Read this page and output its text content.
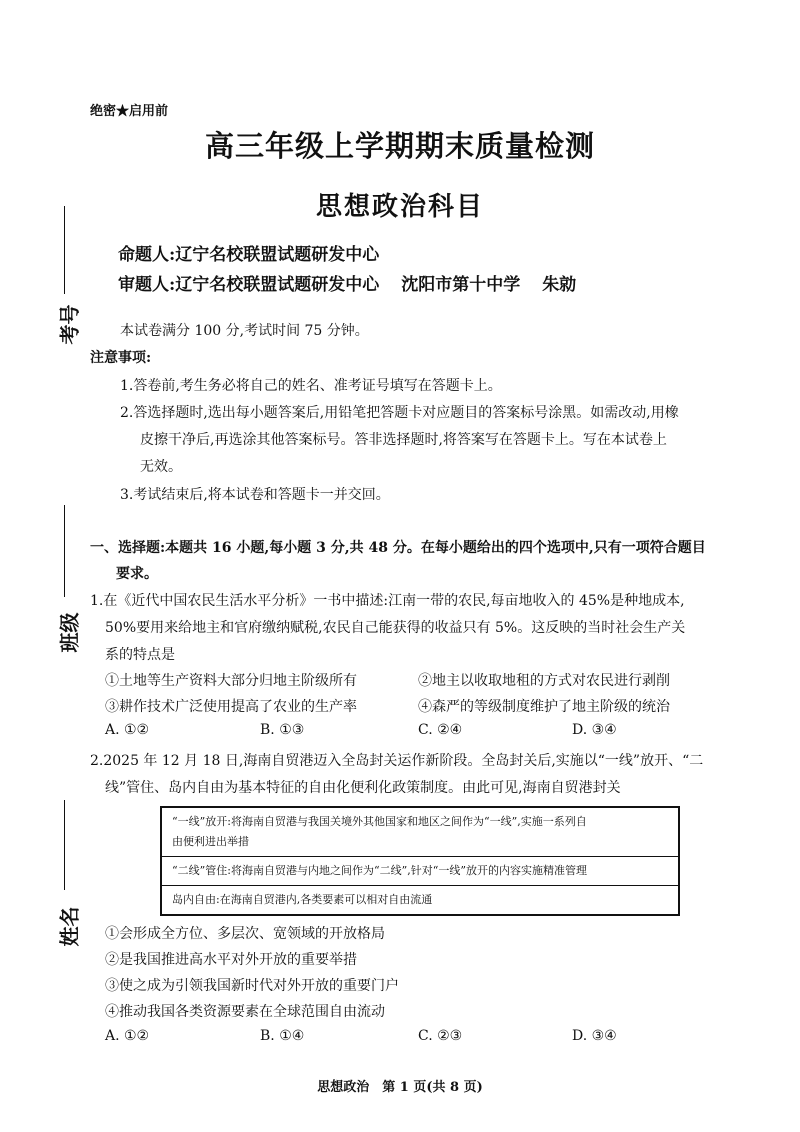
考号
班级
姓名
绝密★启用前
高三年级上学期期末质量检测
思想政治科目
命题人:辽宁名校联盟试题研发中心
审题人:辽宁名校联盟试题研发中心 沈阳市第十中学 朱勍
本试卷满分 100 分,考试时间 75 分钟。
注意事项:
1.答卷前,考生务必将自己的姓名、准考证号填写在答题卡上。
2.答选择题时,选出每小题答案后,用铅笔把答题卡对应题目的答案标号涂黑。如需改动,用橡
皮擦干净后,再选涂其他答案标号。答非选择题时,将答案写在答题卡上。写在本试卷上
无效。
3.考试结束后,将本试卷和答题卡一并交回。
一、选择题:本题共 16 小题,每小题 3 分,共 48 分。在每小题给出的四个选项中,只有一项符合题目
要求。
1.在《近代中国农民生活水平分析》一书中描述:江南一带的农民,每亩地收入的 45%是种地成本,
50%要用来给地主和官府缴纳赋税,农民自己能获得的收益只有 5%。这反映的当时社会生产关
系的特点是
①土地等生产资料大部分归地主阶级所有	②地主以收取地租的方式对农民进行剥削
③耕作技术广泛使用提高了农业的生产率	④森严的等级制度维护了地主阶级的统治
A. ①②	B. ①③	C. ②④	D. ③④
2.2025 年 12 月 18 日,海南自贸港迈入全岛封关运作新阶段。全岛封关后,实施以“一线”放开、“二
线”管住、岛内自由为基本特征的自由化便利化政策制度。由此可见,海南自贸港封关
“一线”放开:将海南自贸港与我国关境外其他国家和地区之间作为“一线”,实施一系列自
由便利进出举措
“二线”管住:将海南自贸港与内地之间作为“二线”,针对“一线”放开的内容实施精准管理
岛内自由:在海南自贸港内,各类要素可以相对自由流通
①会形成全方位、多层次、宽领域的开放格局
②是我国推进高水平对外开放的重要举措
③使之成为引领我国新时代对外开放的重要门户
④推动我国各类资源要素在全球范围自由流动
A. ①②	B. ①④	C. ②③	D. ③④
思想政治　第 1 页(共 8 页)
